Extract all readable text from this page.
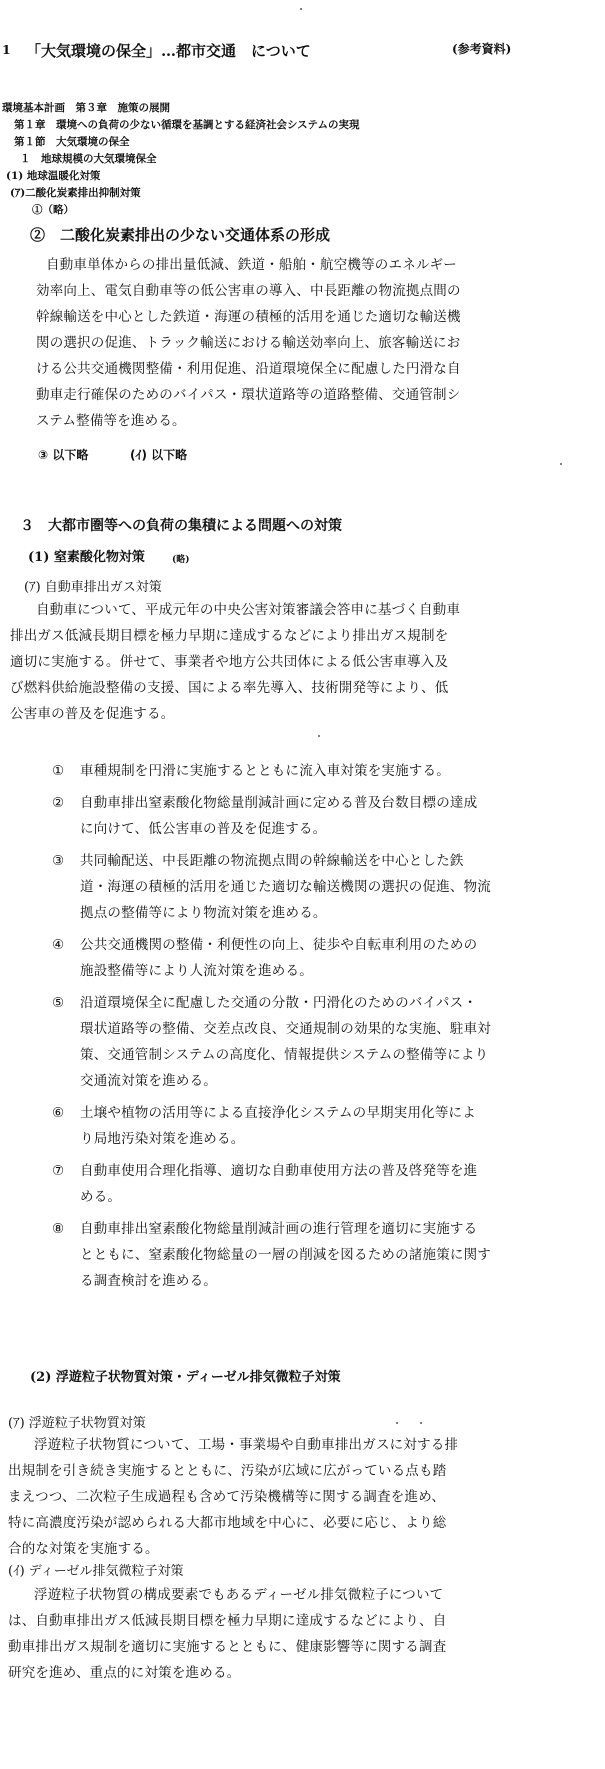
1 「大気環境の保全」…都市交通　について	(参考資料)
環境基本計画　第３章　施策の展開
第１章　環境への負荷の少ない循環を基調とする経済社会システムの実現
第１節　大気環境の保全
１　地球規模の大気環境保全
(1) 地球温暖化対策
(ｱ)二酸化炭素排出抑制対策
①（略）
②　二酸化炭素排出の少ない交通体系の形成
自動車単体からの排出量低減、鉄道・船舶・航空機等のエネルギー
効率向上、電気自動車等の低公害車の導入、中長距離の物流拠点間の
幹線輸送を中心とした鉄道・海運の積極的活用を通じた適切な輸送機
関の選択の促進、トラック輸送における輸送効率向上、旅客輸送にお
ける公共交通機関整備・利用促進、沿道環境保全に配慮した円滑な自
動車走行確保のためのバイパス・環状道路等の道路整備、交通管制シ
ステム整備等を進める。
③ 以下略	(ｲ) 以下略
３　大都市圏等への負荷の集積による問題への対策
(1) 窒素酸化物対策	(略)
(ｱ) 自動車排出ガス対策
自動車について、平成元年の中央公害対策審議会答申に基づく自動車
排出ガス低減長期目標を極力早期に達成するなどにより排出ガス規制を
適切に実施する。併せて、事業者や地方公共団体による低公害車導入及
び燃料供給施設整備の支援、国による率先導入、技術開発等により、低
公害車の普及を促進する。
① 車種規制を円滑に実施するとともに流入車対策を実施する。
② 自動車排出窒素酸化物総量削減計画に定める普及台数目標の達成
に向けて、低公害車の普及を促進する。
③ 共同輸配送、中長距離の物流拠点間の幹線輸送を中心とした鉄
道・海運の積極的活用を通じた適切な輸送機関の選択の促進、物流
拠点の整備等により物流対策を進める。
④ 公共交通機関の整備・利便性の向上、徒歩や自転車利用のための
施設整備等により人流対策を進める。
⑤ 沿道環境保全に配慮した交通の分散・円滑化のためのバイパス・
環状道路等の整備、交差点改良、交通規制の効果的な実施、駐車対
策、交通管制システムの高度化、情報提供システムの整備等により
交通流対策を進める。
⑥ 土壌や植物の活用等による直接浄化システムの早期実用化等によ
り局地汚染対策を進める。
⑦ 自動車使用合理化指導、適切な自動車使用方法の普及啓発等を進
める。
⑧ 自動車排出窒素酸化物総量削減計画の進行管理を適切に実施する
とともに、窒素酸化物総量の一層の削減を図るための諸施策に関す
る調査検討を進める。
(2) 浮遊粒子状物質対策・ディーゼル排気微粒子対策
(ｱ) 浮遊粒子状物質対策
浮遊粒子状物質について、工場・事業場や自動車排出ガスに対する排
出規制を引き続き実施するとともに、汚染が広域に広がっている点も踏
まえつつ、二次粒子生成過程も含めて汚染機構等に関する調査を進め、
特に高濃度汚染が認められる大都市地域を中心に、必要に応じ、より総
合的な対策を実施する。
(ｲ) ディーゼル排気微粒子対策
浮遊粒子状物質の構成要素でもあるディーゼル排気微粒子について
は、自動車排出ガス低減長期目標を極力早期に達成するなどにより、自
動車排出ガス規制を適切に実施するとともに、健康影響等に関する調査
研究を進め、重点的に対策を進める。
